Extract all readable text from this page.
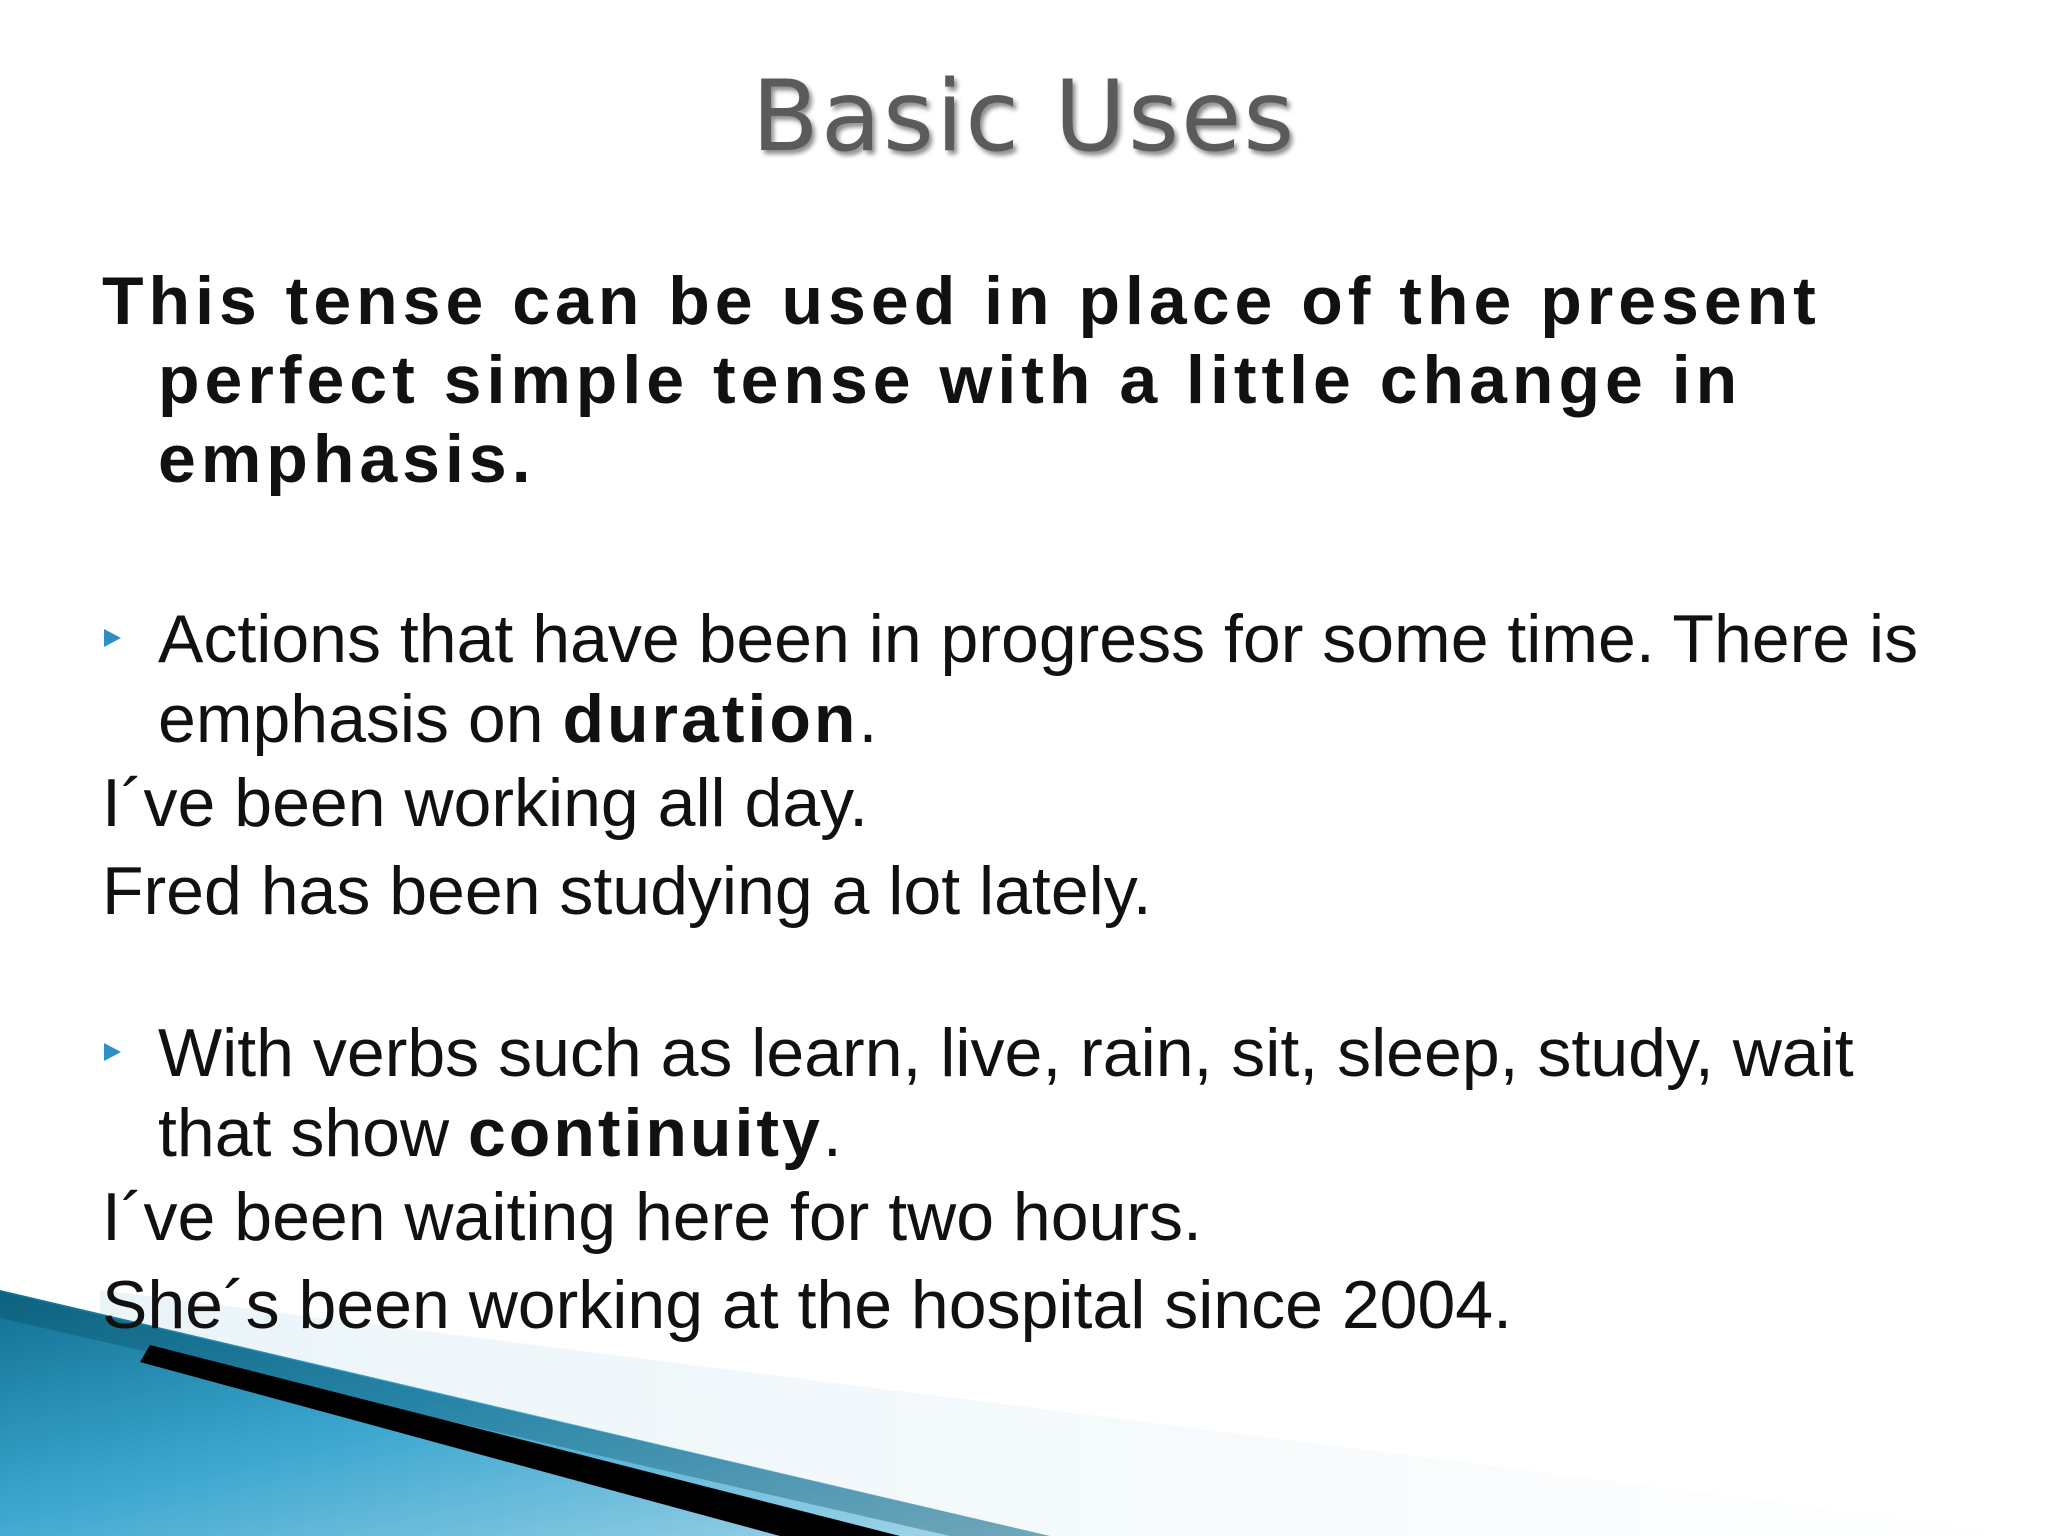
Basic Uses

This tense can be used in place of the present perfect simple tense with a little change in emphasis.

Actions that have been in progress for some time. There is emphasis on duration.

I´ve been working all day.

Fred has been studying a lot lately.

With verbs such as learn, live, rain, sit, sleep, study, wait that show continuity.

I´ve been waiting here for two hours.

She´s been working at the hospital since 2004.
